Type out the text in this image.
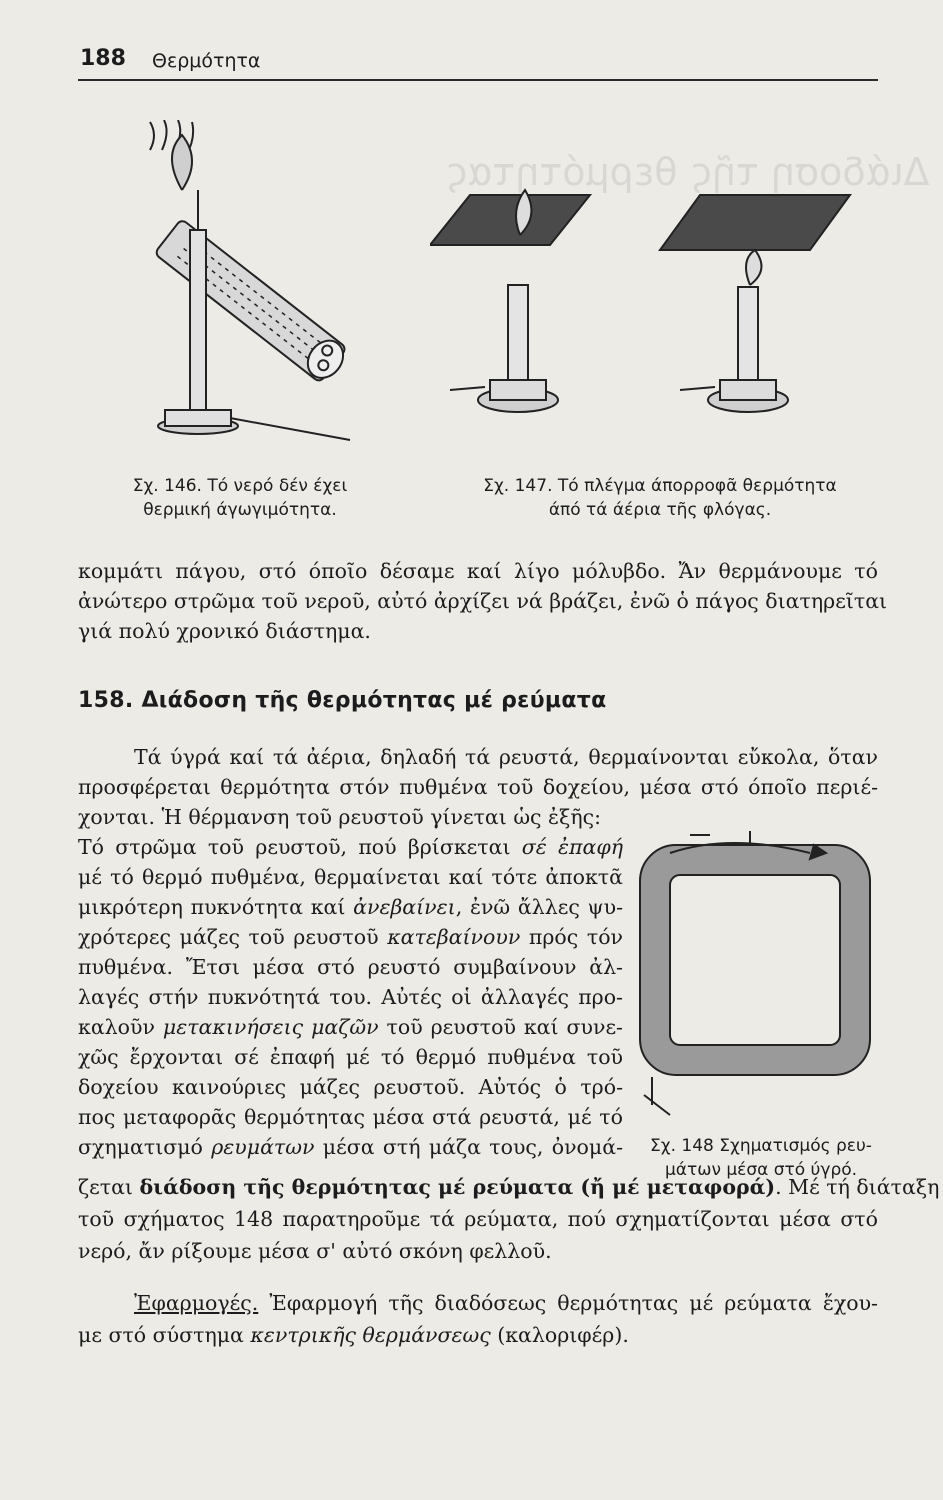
Διάδοση τῆς θερμότητας
188 Θερμότητα
Σχ. 146. Τό νερό δέν έχει
θερμική άγωγιμότητα.
Σχ. 147. Τό πλέγμα άπορροφᾶ θερμότητα
άπό τά άέρια τῆς φλόγας.
κομμάτι πάγου, στό όποῖο δέσαμε καί λίγο μόλυβδο. Ἄν θερμάνουμε τό
ἀνώτερο στρῶμα τοῦ νεροῦ, αὐτό ἀρχίζει νά βράζει, ἐνῶ ὁ πάγος διατηρεῖται
γιά πολύ χρονικό διάστημα.
158. Διάδοση τῆς θερμότητας μέ ρεύματα
Τά ύγρά καί τά ἀέρια, δηλαδή τά ρευστά, θερμαίνονται εὔκολα, ὅταν
προσφέρεται θερμότητα στόν πυθμένα τοῦ δοχείου, μέσα στό όποῖο περιέ-
χονται. Ἡ θέρμανση τοῦ ρευστοῦ γίνεται ὡς ἐξῆς:
Τό στρῶμα τοῦ ρευστοῦ, πού βρίσκεται σέ ἐπαφή
μέ τό θερμό πυθμένα, θερμαίνεται καί τότε ἀποκτᾶ
μικρότερη πυκνότητα καί ἀνεβαίνει, ἐνῶ ἄλλες ψυ-
χρότερες μάζες τοῦ ρευστοῦ κατεβαίνουν πρός τόν
πυθμένα. Ἔτσι μέσα στό ρευστό συμβαίνουν ἀλ-
λαγές στήν πυκνότητά του. Αὐτές οἱ ἀλλαγές προ-
καλοῦν μετακινήσεις μαζῶν τοῦ ρευστοῦ καί συνε-
χῶς ἔρχονται σέ ἐπαφή μέ τό θερμό πυθμένα τοῦ
δοχείου καινούριες μάζες ρευστοῦ. Αὐτός ὁ τρό-
πος μεταφορᾶς θερμότητας μέσα στά ρευστά, μέ τό
σχηματισμό ρευμάτων μέσα στή μάζα τους, ὀνομά-	Σχ. 148 Σχηματισμός ρευ-
μάτων μέσα στό ύγρό.
ζεται διάδοση τῆς θερμότητας μέ ρεύματα (ἤ μέ μεταφορά). Μέ τή διάταξη
τοῦ σχήματος 148 παρατηροῦμε τά ρεύματα, πού σχηματίζονται μέσα στό
νερό, ἄν ρίξουμε μέσα σ' αὐτό σκόνη φελλοῦ.
Ἐφαρμογές. Ἐφαρμογή τῆς διαδόσεως θερμότητας μέ ρεύματα ἔχου-
με στό σύστημα κεντρικῆς θερμάνσεως (καλοριφέρ).
